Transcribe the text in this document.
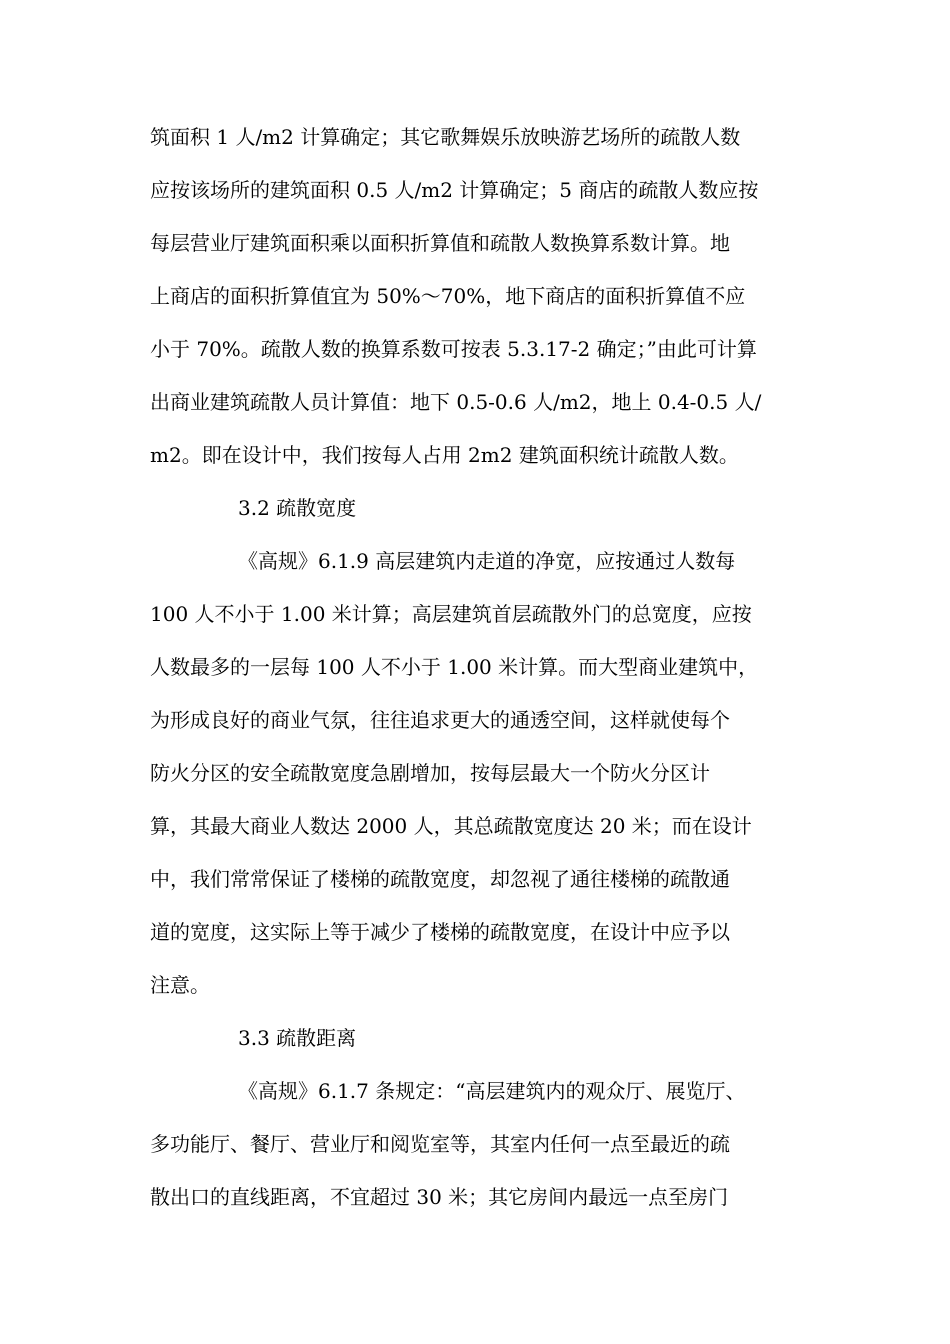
筑面积 1 人/m2 计算确定；其它歌舞娱乐放映游艺场所的疏散人数
应按该场所的建筑面积 0.5 人/m2 计算确定；5 商店的疏散人数应按
每层营业厅建筑面积乘以面积折算值和疏散人数换算系数计算。地
上商店的面积折算值宜为 50%～70%，地下商店的面积折算值不应
小于 70%。疏散人数的换算系数可按表 5.3.17-2 确定；”由此可计算
出商业建筑疏散人员计算值：地下 0.5-0.6 人/m2，地上 0.4-0.5 人/
m2。即在设计中，我们按每人占用 2m2 建筑面积统计疏散人数。
3.2 疏散宽度
《高规》6.1.9 高层建筑内走道的净宽，应按通过人数每
100 人不小于 1.00 米计算；高层建筑首层疏散外门的总宽度，应按
人数最多的一层每 100 人不小于 1.00 米计算。而大型商业建筑中，
为形成良好的商业气氛，往往追求更大的通透空间，这样就使每个
防火分区的安全疏散宽度急剧增加，按每层最大一个防火分区计
算，其最大商业人数达 2000 人，其总疏散宽度达 20 米；而在设计
中，我们常常保证了楼梯的疏散宽度，却忽视了通往楼梯的疏散通
道的宽度，这实际上等于减少了楼梯的疏散宽度，在设计中应予以
注意。
3.3 疏散距离
《高规》6.1.7 条规定：“高层建筑内的观众厅、展览厅、
多功能厅、餐厅、营业厅和阅览室等，其室内任何一点至最近的疏
散出口的直线距离，不宜超过 30 米；其它房间内最远一点至房门
